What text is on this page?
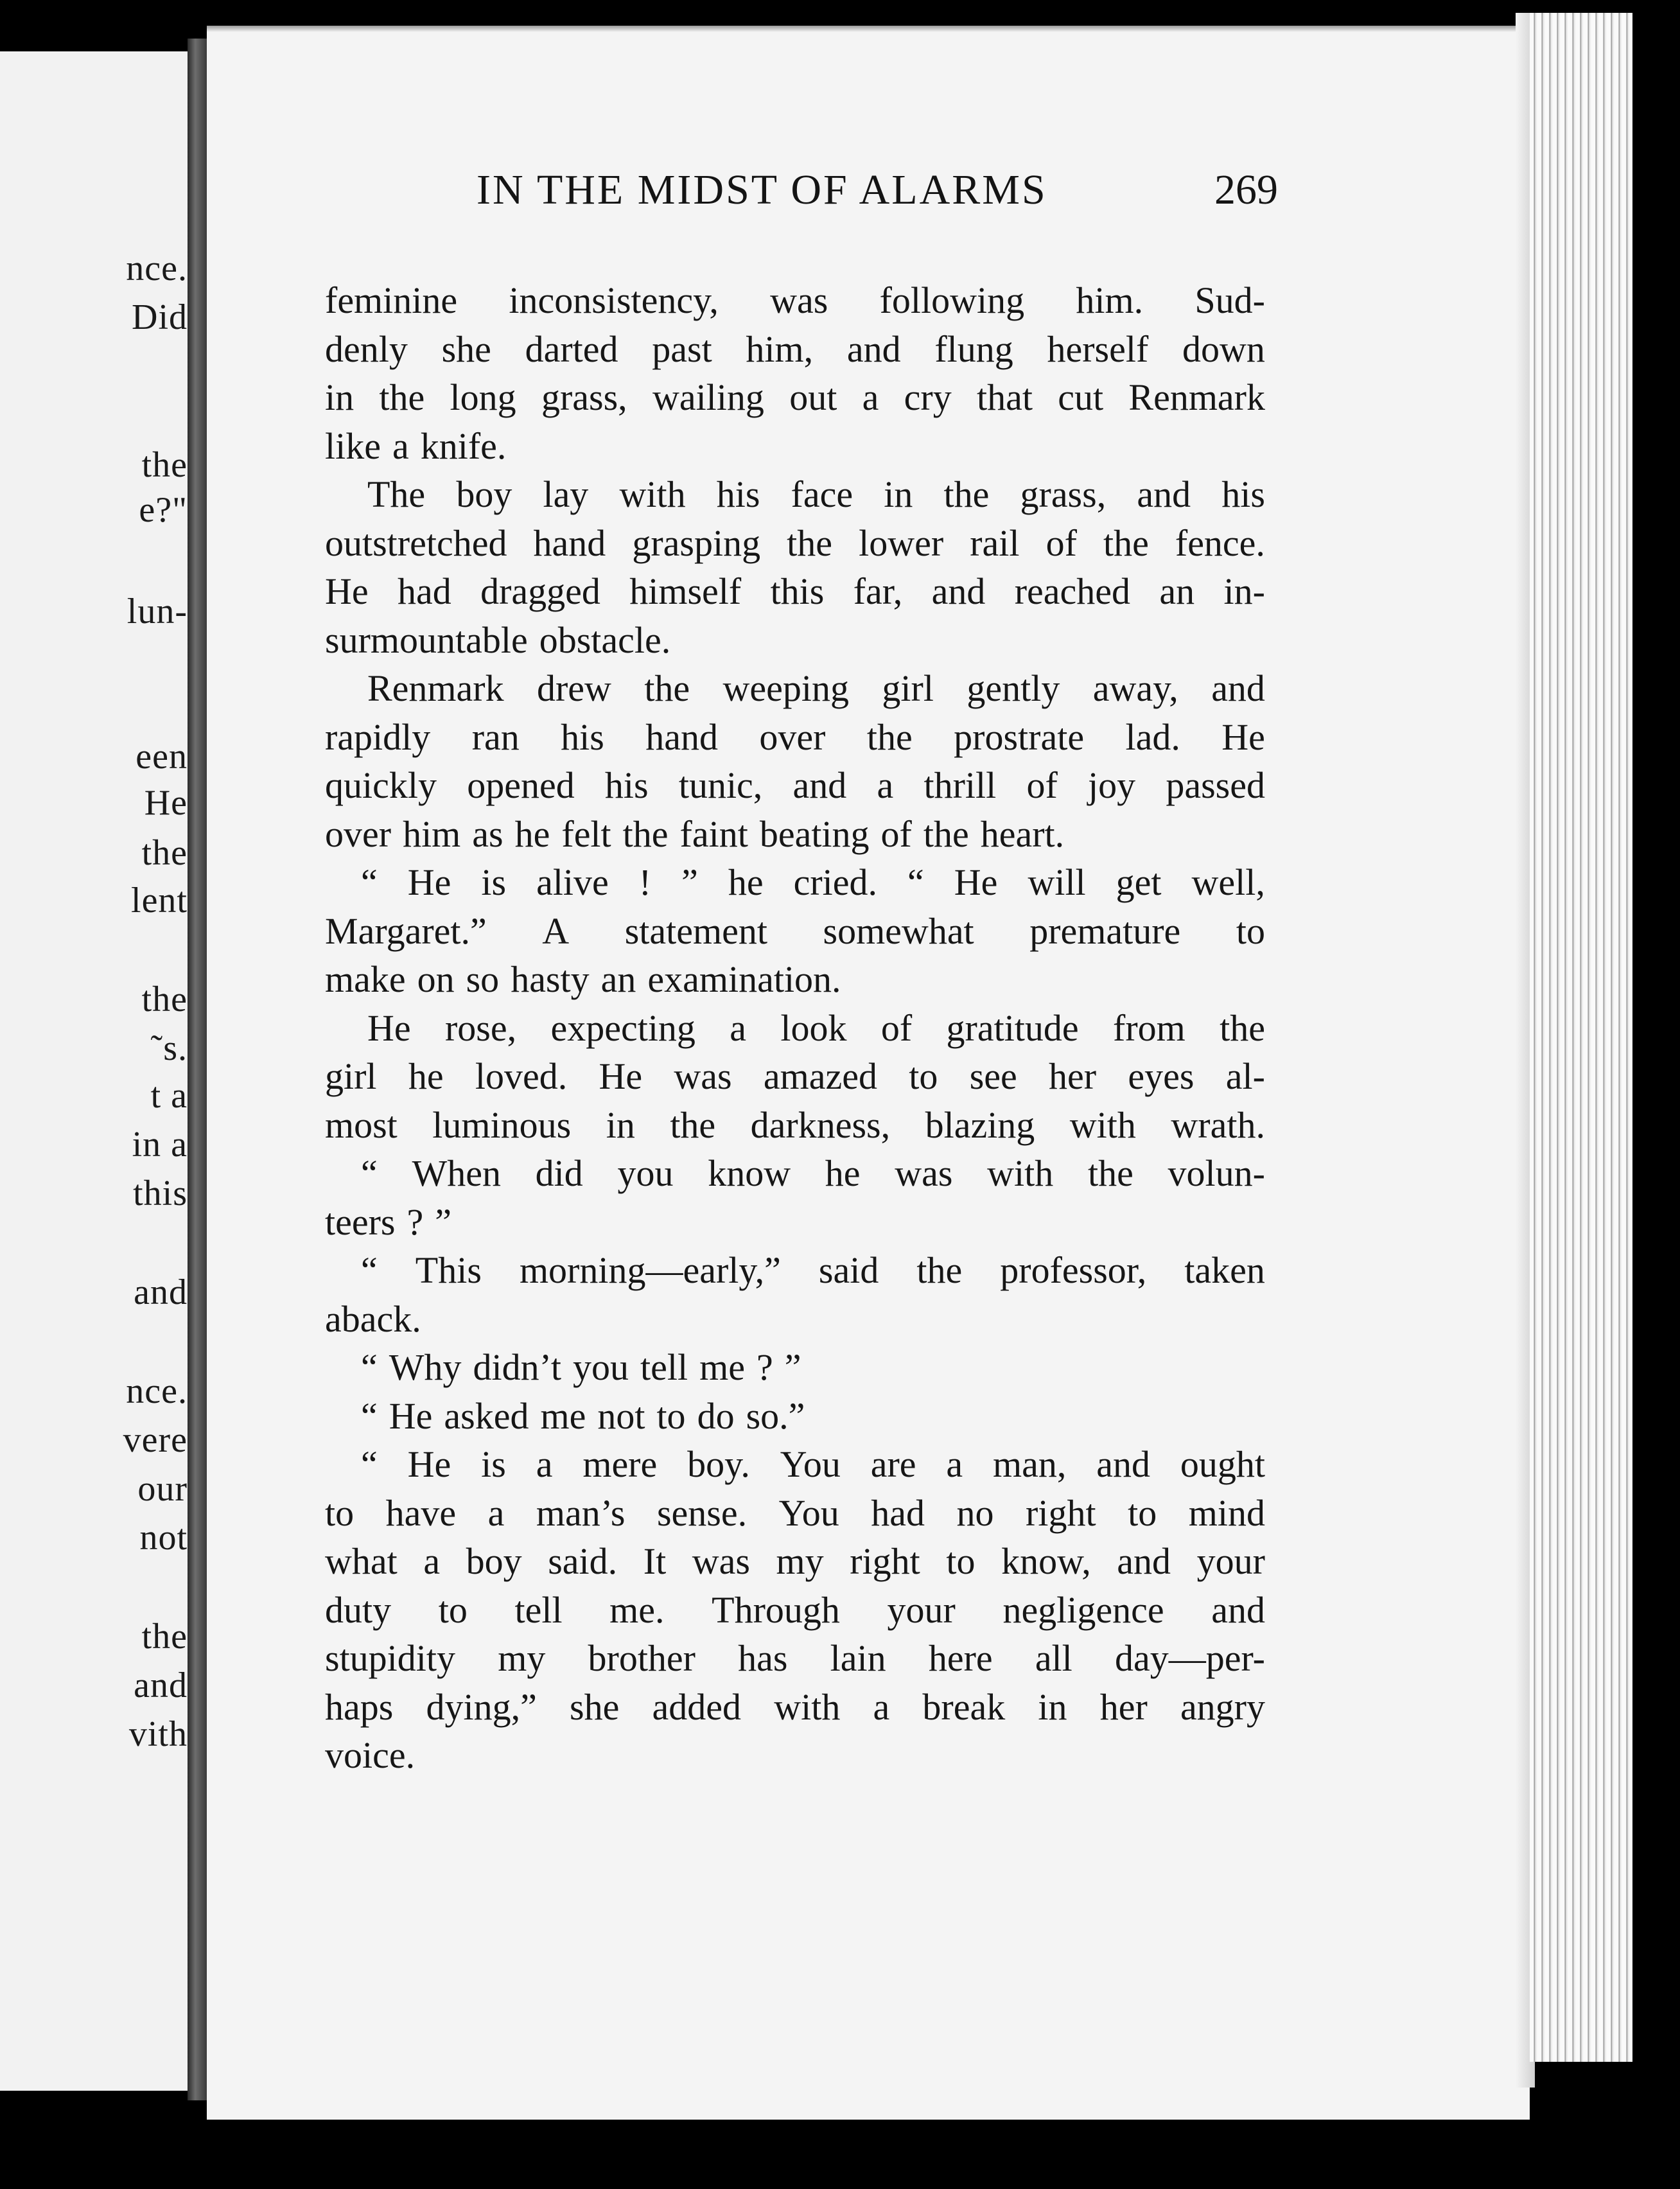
nce.
Did
the
e?"
lun-
een
He
the
lent
the
˜s.
t a
in a
this
and
nce.
vere
our
not
the
and
vith
IN THE MIDST OF ALARMS	269
feminine inconsistency, was following him. Sud-
denly she darted past him, and flung herself down
in the long grass, wailing out a cry that cut Renmark
like a knife.
The boy lay with his face in the grass, and his
outstretched hand grasping the lower rail of the fence.
He had dragged himself this far, and reached an in-
surmountable obstacle.
Renmark drew the weeping girl gently away, and
rapidly ran his hand over the prostrate lad. He
quickly opened his tunic, and a thrill of joy passed
over him as he felt the faint beating of the heart.
“ He is alive ! ” he cried. “ He will get well,
Margaret.” A statement somewhat premature to
make on so hasty an examination.
He rose, expecting a look of gratitude from the
girl he loved. He was amazed to see her eyes al-
most luminous in the darkness, blazing with wrath.
“ When did you know he was with the volun-
teers ? ”
“ This morning—early,” said the professor, taken
aback.
“ Why didn’t you tell me ? ”
“ He asked me not to do so.”
“ He is a mere boy. You are a man, and ought
to have a man’s sense. You had no right to mind
what a boy said. It was my right to know, and your
duty to tell me. Through your negligence and
stupidity my brother has lain here all day—per-
haps dying,” she added with a break in her angry
voice.
